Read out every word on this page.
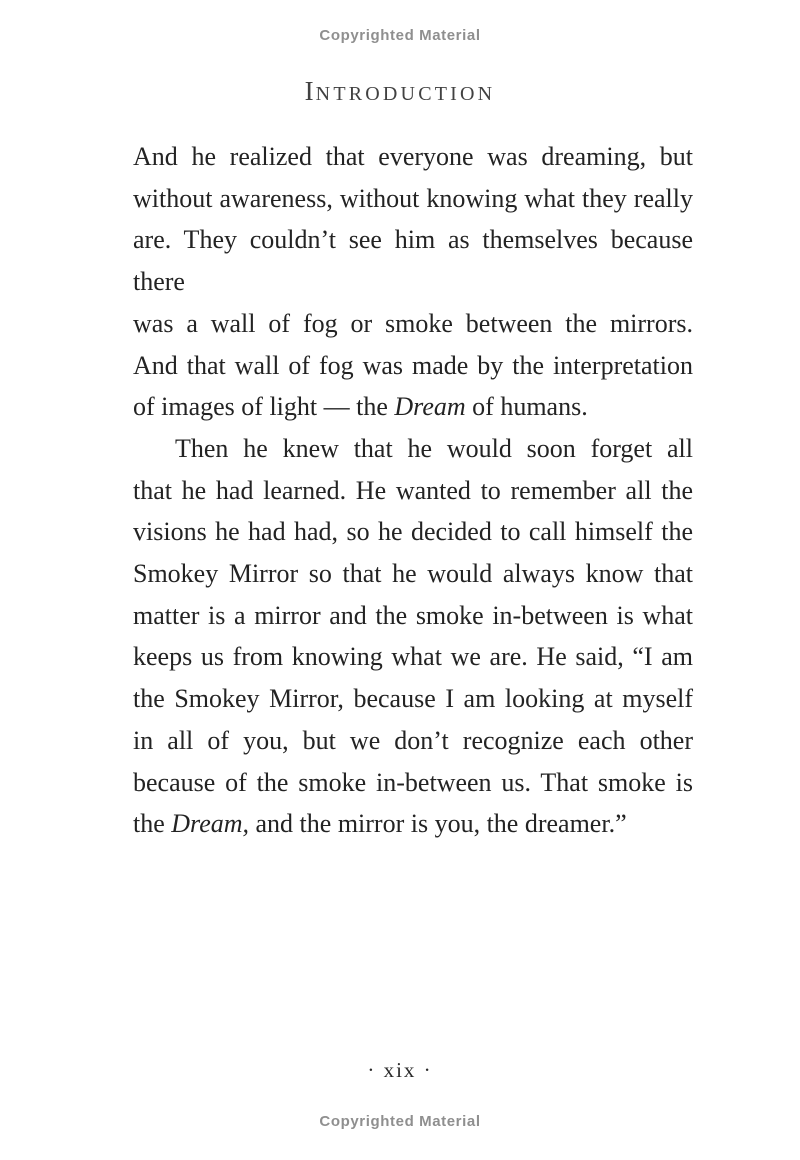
Copyrighted Material
INTRODUCTION
And he realized that everyone was dreaming, but
without awareness, without knowing what they really
are. They couldn’t see him as themselves because there
was a wall of fog or smoke between the mirrors.
And that wall of fog was made by the interpretation
of images of light — the Dream of humans.
Then he knew that he would soon forget all
that he had learned. He wanted to remember all the
visions he had had, so he decided to call himself the
Smokey Mirror so that he would always know that
matter is a mirror and the smoke in-between is what
keeps us from knowing what we are. He said, “I am
the Smokey Mirror, because I am looking at myself
in all of you, but we don’t recognize each other
because of the smoke in-between us. That smoke is
the Dream, and the mirror is you, the dreamer.”
· xix ·
Copyrighted Material
